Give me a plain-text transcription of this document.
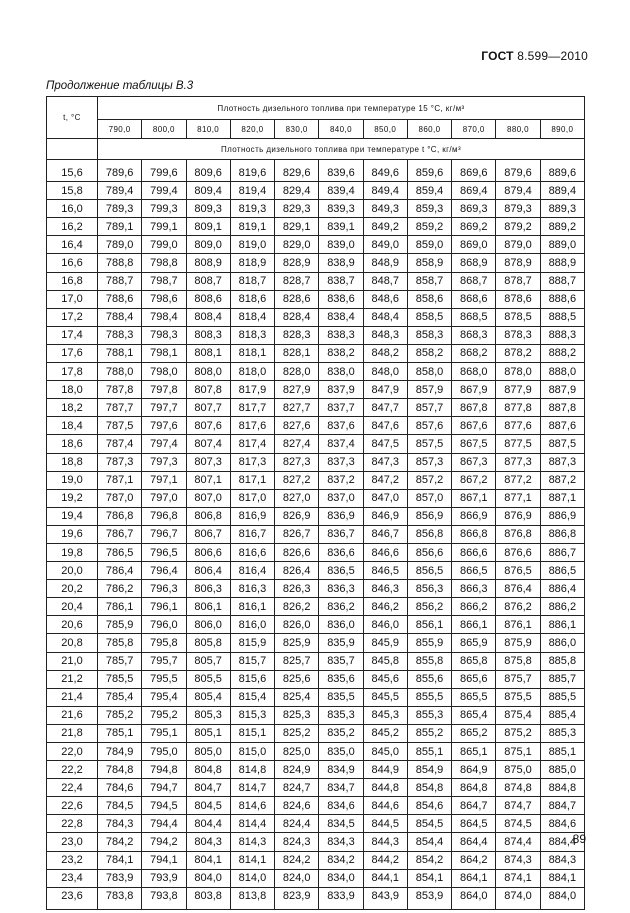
ГОСТ 8.599—2010
Продолжение таблицы В.3
t, °С	Плотность дизельного топлива при температуре 15 °С, кг/м³										
	790,0	800,0	810,0	820,0	830,0	840,0	850,0	860,0	870,0	880,0	890,0
	Плотность дизельного топлива при температуре t °С, кг/м³										
15,6	789,6	799,6	809,6	819,6	829,6	839,6	849,6	859,6	869,6	879,6	889,6
15,8	789,4	799,4	809,4	819,4	829,4	839,4	849,4	859,4	869,4	879,4	889,4
16,0	789,3	799,3	809,3	819,3	829,3	839,3	849,3	859,3	869,3	879,3	889,3
16,2	789,1	799,1	809,1	819,1	829,1	839,1	849,2	859,2	869,2	879,2	889,2
16,4	789,0	799,0	809,0	819,0	829,0	839,0	849,0	859,0	869,0	879,0	889,0
16,6	788,8	798,8	808,9	818,9	828,9	838,9	848,9	858,9	868,9	878,9	888,9
16,8	788,7	798,7	808,7	818,7	828,7	838,7	848,7	858,7	868,7	878,7	888,7
17,0	788,6	798,6	808,6	818,6	828,6	838,6	848,6	858,6	868,6	878,6	888,6
17,2	788,4	798,4	808,4	818,4	828,4	838,4	848,4	858,5	868,5	878,5	888,5
17,4	788,3	798,3	808,3	818,3	828,3	838,3	848,3	858,3	868,3	878,3	888,3
17,6	788,1	798,1	808,1	818,1	828,1	838,2	848,2	858,2	868,2	878,2	888,2
17,8	788,0	798,0	808,0	818,0	828,0	838,0	848,0	858,0	868,0	878,0	888,0
18,0	787,8	797,8	807,8	817,9	827,9	837,9	847,9	857,9	867,9	877,9	887,9
18,2	787,7	797,7	807,7	817,7	827,7	837,7	847,7	857,7	867,8	877,8	887,8
18,4	787,5	797,6	807,6	817,6	827,6	837,6	847,6	857,6	867,6	877,6	887,6
18,6	787,4	797,4	807,4	817,4	827,4	837,4	847,5	857,5	867,5	877,5	887,5
18,8	787,3	797,3	807,3	817,3	827,3	837,3	847,3	857,3	867,3	877,3	887,3
19,0	787,1	797,1	807,1	817,1	827,2	837,2	847,2	857,2	867,2	877,2	887,2
19,2	787,0	797,0	807,0	817,0	827,0	837,0	847,0	857,0	867,1	877,1	887,1
19,4	786,8	796,8	806,8	816,9	826,9	836,9	846,9	856,9	866,9	876,9	886,9
19,6	786,7	796,7	806,7	816,7	826,7	836,7	846,7	856,8	866,8	876,8	886,8
19,8	786,5	796,5	806,6	816,6	826,6	836,6	846,6	856,6	866,6	876,6	886,7
20,0	786,4	796,4	806,4	816,4	826,4	836,5	846,5	856,5	866,5	876,5	886,5
20,2	786,2	796,3	806,3	816,3	826,3	836,3	846,3	856,3	866,3	876,4	886,4
20,4	786,1	796,1	806,1	816,1	826,2	836,2	846,2	856,2	866,2	876,2	886,2
20,6	785,9	796,0	806,0	816,0	826,0	836,0	846,0	856,1	866,1	876,1	886,1
20,8	785,8	795,8	805,8	815,9	825,9	835,9	845,9	855,9	865,9	875,9	886,0
21,0	785,7	795,7	805,7	815,7	825,7	835,7	845,8	855,8	865,8	875,8	885,8
21,2	785,5	795,5	805,5	815,6	825,6	835,6	845,6	855,6	865,6	875,7	885,7
21,4	785,4	795,4	805,4	815,4	825,4	835,5	845,5	855,5	865,5	875,5	885,5
21,6	785,2	795,2	805,3	815,3	825,3	835,3	845,3	855,3	865,4	875,4	885,4
21,8	785,1	795,1	805,1	815,1	825,2	835,2	845,2	855,2	865,2	875,2	885,3
22,0	784,9	795,0	805,0	815,0	825,0	835,0	845,0	855,1	865,1	875,1	885,1
22,2	784,8	794,8	804,8	814,8	824,9	834,9	844,9	854,9	864,9	875,0	885,0
22,4	784,6	794,7	804,7	814,7	824,7	834,7	844,8	854,8	864,8	874,8	884,8
22,6	784,5	794,5	804,5	814,6	824,6	834,6	844,6	854,6	864,7	874,7	884,7
22,8	784,3	794,4	804,4	814,4	824,4	834,5	844,5	854,5	864,5	874,5	884,6
23,0	784,2	794,2	804,3	814,3	824,3	834,3	844,3	854,4	864,4	874,4	884,4
23,2	784,1	794,1	804,1	814,1	824,2	834,2	844,2	854,2	864,2	874,3	884,3
23,4	783,9	793,9	804,0	814,0	824,0	834,0	844,1	854,1	864,1	874,1	884,1
23,6	783,8	793,8	803,8	813,8	823,9	833,9	843,9	853,9	864,0	874,0	884,0
89
